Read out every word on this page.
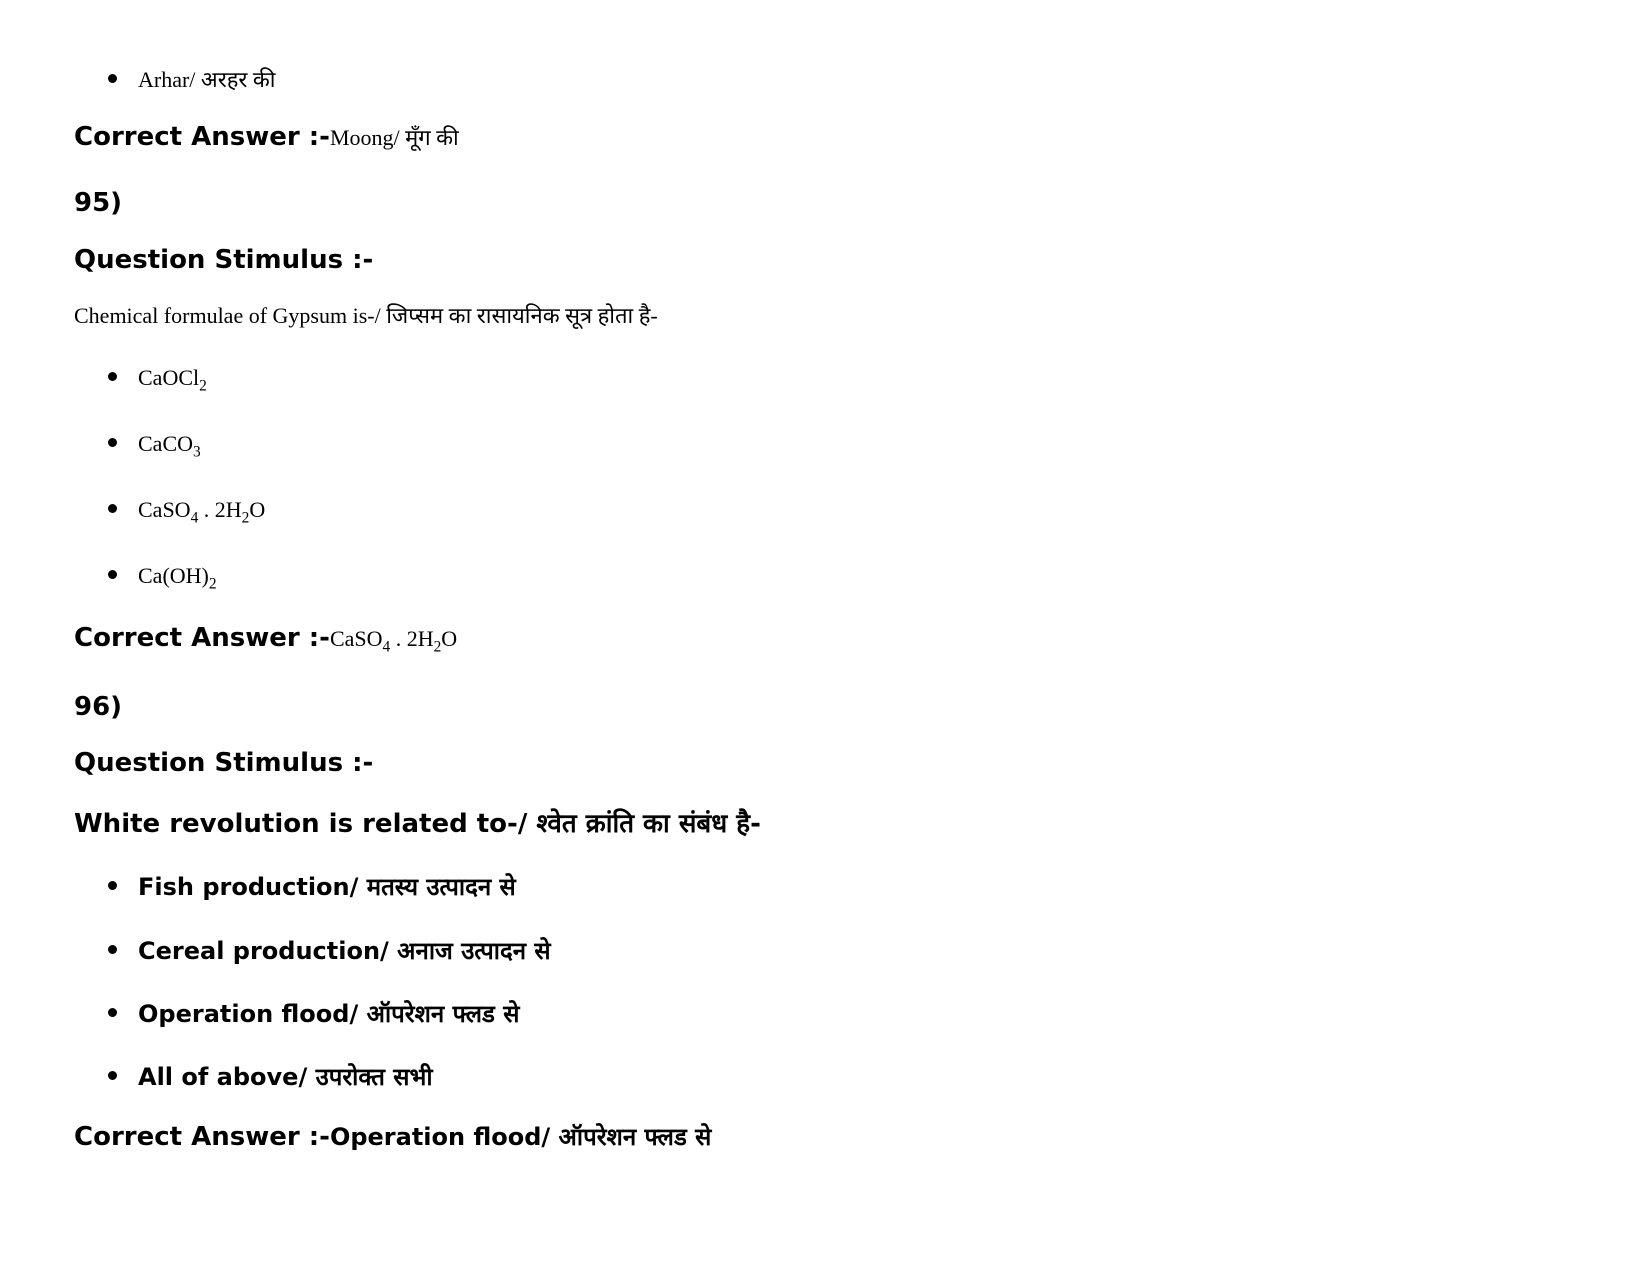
Arhar/ अरहर की
Correct Answer :-Moong/ मूँग की
95)
Question Stimulus :-
Chemical formulae of Gypsum is-/ जिप्सम का रासायनिक सूत्र होता है-
CaOCl$_2$
CaCO$_3$
CaSO$_4$ . $2H_2O$
$Ca(OH)_2$
Correct Answer :-CaSO$_4$ . $2H_2O$
96)
Question Stimulus :-
White revolution is related to-/ श्वेत क्रांति का संबंध है-
Fish production/ मतस्य उत्पादन से
Cereal production/ अनाज उत्पादन से
Operation flood/ ऑपरेशन फ्लड से
All of above/ उपरोक्त सभी
Correct Answer :-Operation flood/ ऑपरेशन फ्लड से
